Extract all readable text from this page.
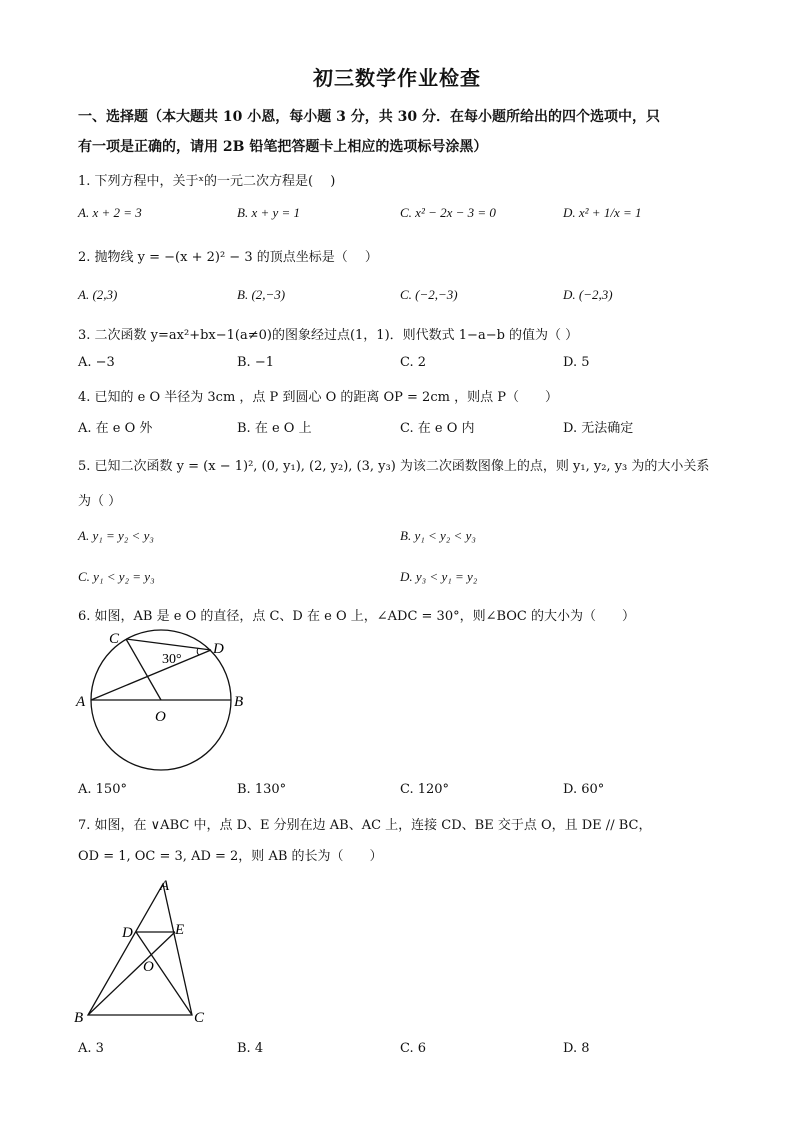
初三数学作业检查
一、选择题（本大题共 10 小恩，每小题 3 分，共 30 分．在每小题所给出的四个选项中，只
有一项是正确的，请用 2B 铅笔把答题卡上相应的选项标号涂黑）
1. 下列方程中，关于ˣ的一元二次方程是(　 )
A. x + 2 = 3	B. x + y = 1	C. x² − 2x − 3 = 0	D. x² + 1/x = 1
2. 抛物线 y = −(x + 2)² − 3 的顶点坐标是（　 ）
A. (2,3)	B. (2,−3)	C. (−2,−3)	D. (−2,3)
3. 二次函数 y=ax²+bx−1(a≠0)的图象经过点(1，1)．则代数式 1−a−b 的值为（ ）
A. −3	B. −1	C. 2	D. 5
4. 已知的 e O 半径为 3cm ，点 P 到圆心 O 的距离 OP = 2cm ，则点 P（　　）
A. 在 e O 外	B. 在 e O 上	C. 在 e O 内	D. 无法确定
5. 已知二次函数 y = (x − 1)², (0, y₁), (2, y₂), (3, y₃) 为该二次函数图像上的点，则 y₁, y₂, y₃ 为的大小关系
为（ ）
A. y₁ = y₂ < y₃	B. y₁ < y₂ < y₃
C. y₁ < y₂ = y₃	D. y₃ < y₁ = y₂
6. 如图，AB 是 e O 的直径，点 C、D 在 e O 上，∠ADC = 30°，则∠BOC 的大小为（　　）
C
D
A	B
O
30°
A. 150°	B. 130°	C. 120°	D. 60°
7. 如图，在 ∨ABC 中，点 D、E 分别在边 AB、AC 上，连接 CD、BE 交于点 O，且 DE // BC，
OD = 1, OC = 3, AD = 2，则 AB 的长为（　　）
A
D	E
O
B	C
A. 3	B. 4	C. 6	D. 8
